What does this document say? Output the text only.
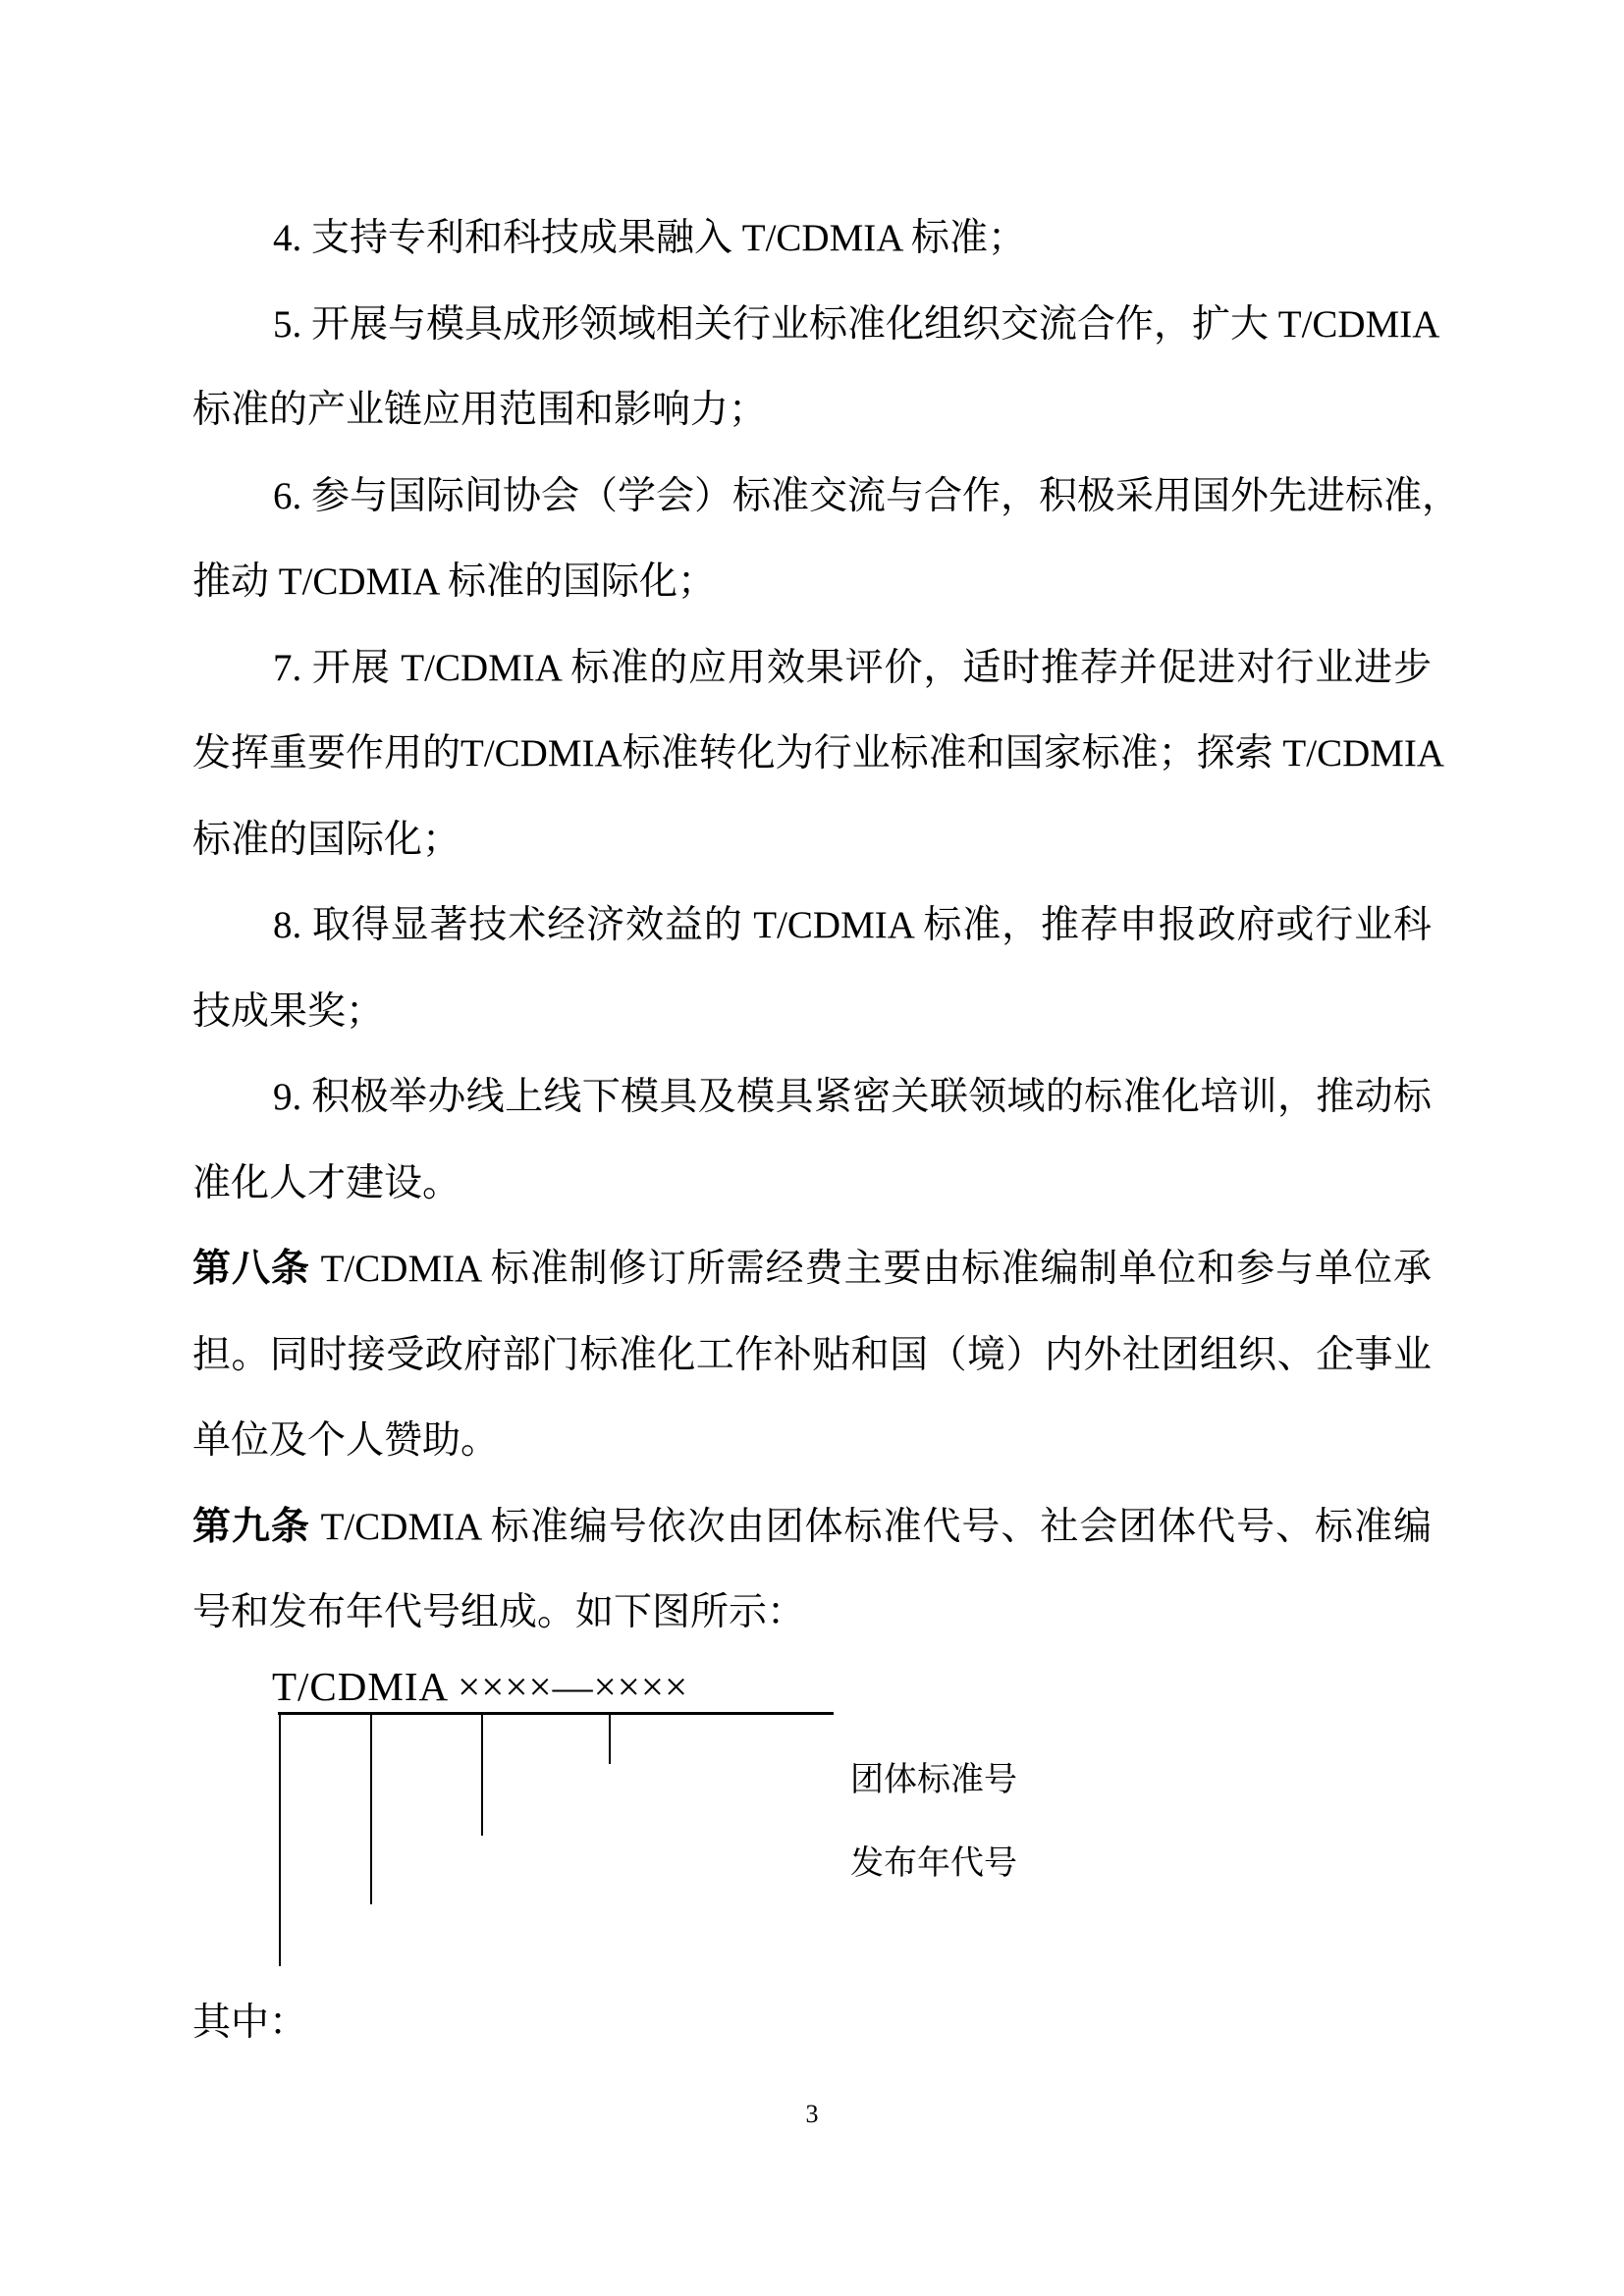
4. 支持专利和科技成果融入 T/CDMIA 标准；
5. 开展与模具成形领域相关行业标准化组织交流合作，扩大 T/CDMIA
标准的产业链应用范围和影响力；
6. 参与国际间协会（学会）标准交流与合作，积极采用国外先进标准，
推动 T/CDMIA 标准的国际化；
7. 开展 T/CDMIA 标准的应用效果评价，适时推荐并促进对行业进步
发挥重要作用的T/CDMIA标准转化为行业标准和国家标准；探索 T/CDMIA
标准的国际化；
8. 取得显著技术经济效益的 T/CDMIA 标准，推荐申报政府或行业科
技成果奖；
9. 积极举办线上线下模具及模具紧密关联领域的标准化培训，推动标
准化人才建设。
第八条 T/CDMIA 标准制修订所需经费主要由标准编制单位和参与单位承
担。同时接受政府部门标准化工作补贴和国（境）内外社团组织、企事业
单位及个人赞助。
第九条 T/CDMIA 标准编号依次由团体标准代号、社会团体代号、标准编
号和发布年代号组成。如下图所示：
T/CDMIA ××××—××××
团体标准号
发布年代号
其中：
3
